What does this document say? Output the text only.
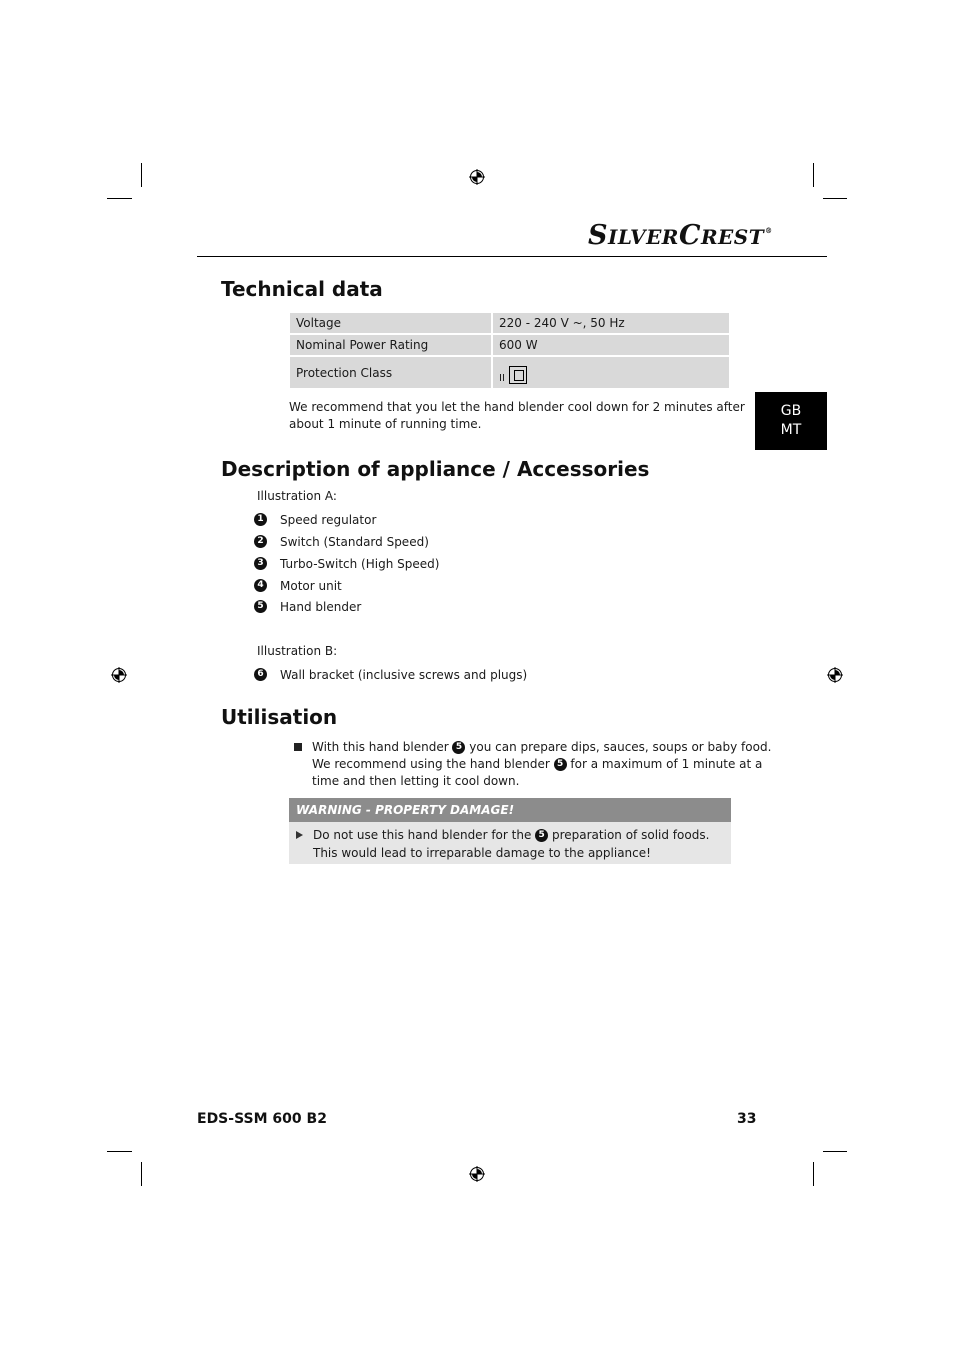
SILVERCREST®
GB
MT
Technical data
Voltage	220 - 240 V ~, 50 Hz
Nominal Power Rating	600 W
Protection Class	II
We recommend that you let the hand blender cool down for 2 minutes after
about 1 minute of running time.
Description of appliance / Accessories
Illustration A:
1 Speed regulator
2 Switch (Standard Speed)
3 Turbo-Switch (High Speed)
4 Motor unit
5 Hand blender
Illustration B:
6 Wall bracket (inclusive screws and plugs)
Utilisation
With this hand blender 5 you can prepare dips, sauces, soups or baby food.
We recommend using the hand blender 5 for a maximum of 1 minute at a
time and then letting it cool down.
WARNING - PROPERTY DAMAGE!
Do not use this hand blender for the 5 preparation of solid foods.
This would lead to irreparable damage to the appliance!
EDS-SSM 600 B2	33
